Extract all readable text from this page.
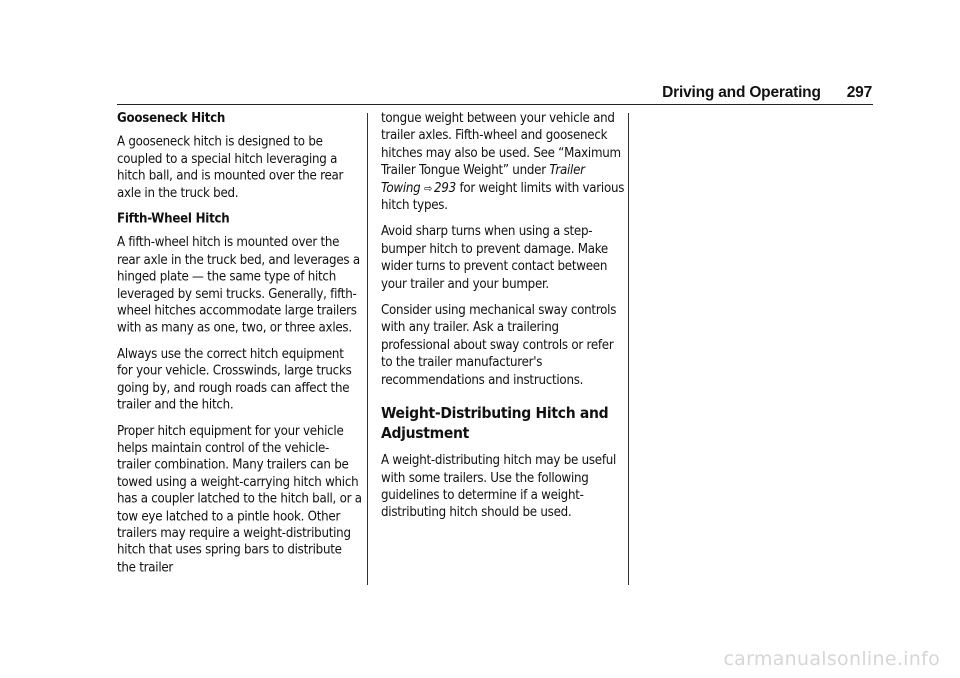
Driving and Operating 297

Gooseneck Hitch

A gooseneck hitch is designed to be coupled to a special hitch leveraging a hitch ball, and is mounted over the rear axle in the truck bed.

Fifth-Wheel Hitch

A fifth-wheel hitch is mounted over the rear axle in the truck bed, and leverages a hinged plate — the same type of hitch leveraged by semi trucks. Generally, fifth-wheel hitches accommodate large trailers with as many as one, two, or three axles.

Always use the correct hitch equipment for your vehicle. Crosswinds, large trucks going by, and rough roads can affect the trailer and the hitch.

Proper hitch equipment for your vehicle helps maintain control of the vehicle-trailer combination. Many trailers can be towed using a weight-carrying hitch which has a coupler latched to the hitch ball, or a tow eye latched to a pintle hook. Other trailers may require a weight-distributing hitch that uses spring bars to distribute the trailer

tongue weight between your vehicle and trailer axles. Fifth-wheel and gooseneck hitches may also be used. See “Maximum Trailer Tongue Weight” under Trailer Towing ⇨ 293 for weight limits with various hitch types.

Avoid sharp turns when using a step-bumper hitch to prevent damage. Make wider turns to prevent contact between your trailer and your bumper.

Consider using mechanical sway controls with any trailer. Ask a trailering professional about sway controls or refer to the trailer manufacturer's recommendations and instructions.

Weight-Distributing Hitch and Adjustment

A weight-distributing hitch may be useful with some trailers. Use the following guidelines to determine if a weight-distributing hitch should be used.

carmanualsonline.info
